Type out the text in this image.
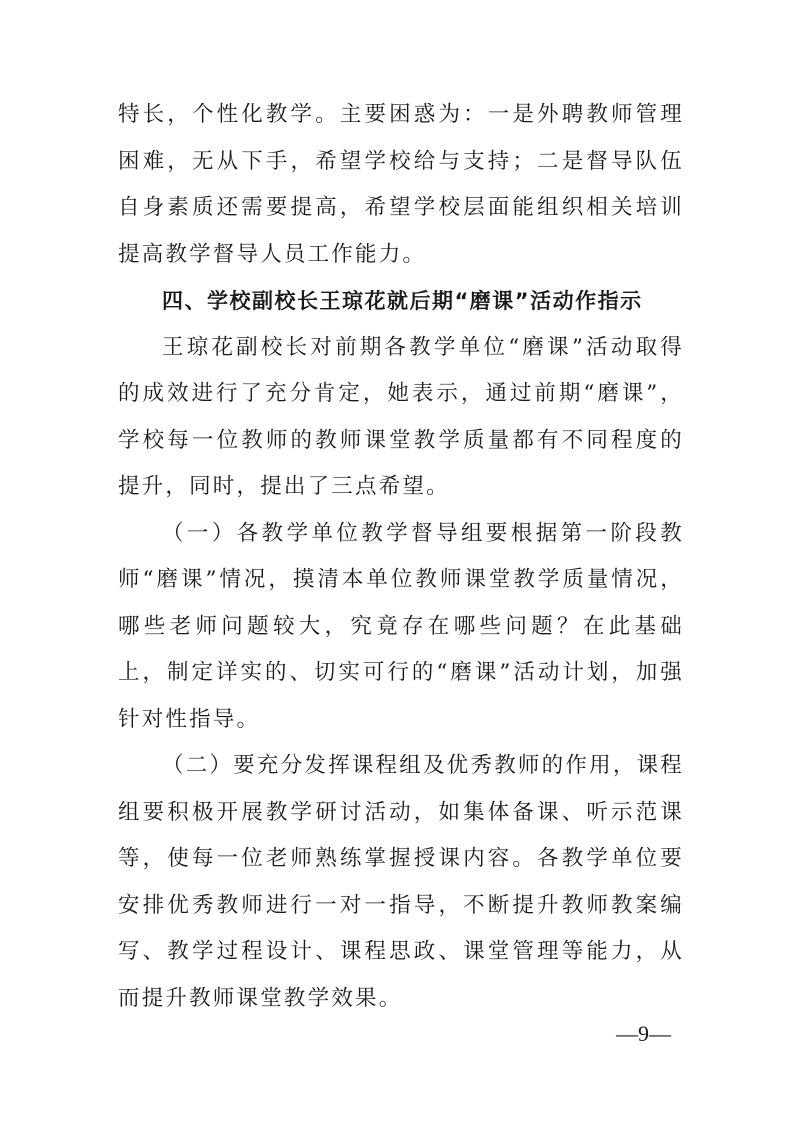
特长，个性化教学。主要困惑为：一是外聘教师管理困难，无从下手，希望学校给与支持；二是督导队伍自身素质还需要提高，希望学校层面能组织相关培训提高教学督导人员工作能力。

四、学校副校长王琼花就后期“磨课”活动作指示

王琼花副校长对前期各教学单位“磨课”活动取得的成效进行了充分肯定，她表示，通过前期“磨课”，学校每一位教师的教师课堂教学质量都有不同程度的提升，同时，提出了三点希望。

（一）各教学单位教学督导组要根据第一阶段教师“磨课”情况，摸清本单位教师课堂教学质量情况，哪些老师问题较大，究竟存在哪些问题？在此基础上，制定详实的、切实可行的“磨课”活动计划，加强针对性指导。

（二）要充分发挥课程组及优秀教师的作用，课程组要积极开展教学研讨活动，如集体备课、听示范课等，使每一位老师熟练掌握授课内容。各教学单位要安排优秀教师进行一对一指导，不断提升教师教案编写、教学过程设计、课程思政、课堂管理等能力，从而提升教师课堂教学效果。

—9—
